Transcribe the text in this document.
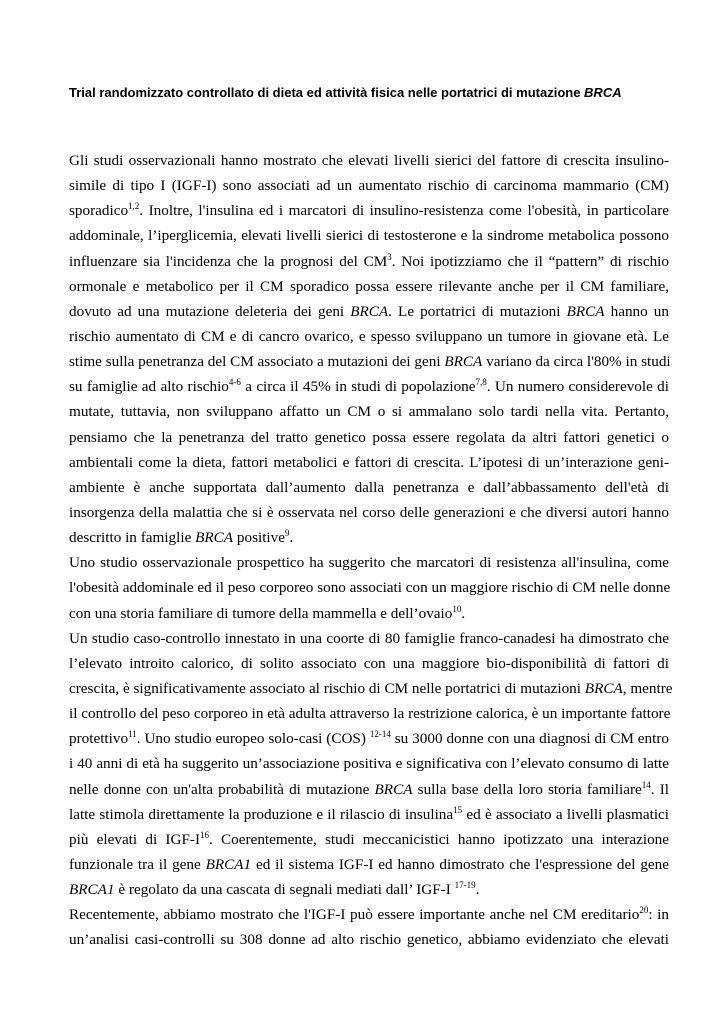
Trial randomizzato controllato di dieta ed attività fisica nelle portatrici di mutazione BRCA
Gli studi osservazionali hanno mostrato che elevati livelli sierici del fattore di crescita insulino-
simile di tipo I (IGF-I) sono associati ad un aumentato rischio di carcinoma mammario (CM)
sporadico$^{1,2}$. Inoltre, l'insulina ed i marcatori di insulino-resistenza come l'obesità, in particolare
addominale, l’iperglicemia, elevati livelli sierici di testosterone e la sindrome metabolica possono
influenzare sia l'incidenza che la prognosi del $CM^3$. Noi ipotizziamo che il “pattern” di rischio
ormonale e metabolico per il CM sporadico possa essere rilevante anche per il CM familiare,
dovuto ad una mutazione deleteria dei geni BRCA. Le portatrici di mutazioni BRCA hanno un
rischio aumentato di CM e di cancro ovarico, e spesso sviluppano un tumore in giovane età. Le
stime sulla penetranza del CM associato a mutazioni dei geni BRCA variano da circa l'80% in studi
su famiglie ad alto rischio$^{4-6}$ a circa il 45% in studi di popolazione$^{7,8}$. Un numero considerevole di
mutate, tuttavia, non sviluppano affatto un CM o si ammalano solo tardi nella vita. Pertanto,
pensiamo che la penetranza del tratto genetico possa essere regolata da altri fattori genetici o
ambientali come la dieta, fattori metabolici e fattori di crescita. L’ipotesi di un’interazione geni-
ambiente è anche supportata dall’aumento dalla penetranza e dall’abbassamento dell'età di
insorgenza della malattia che si è osservata nel corso delle generazioni e che diversi autori hanno
descritto in famiglie BRCA positive$^9$.
Uno studio osservazionale prospettico ha suggerito che marcatori di resistenza all'insulina, come
l'obesità addominale ed il peso corporeo sono associati con un maggiore rischio di CM nelle donne
con una storia familiare di tumore della mammella e dell’ovaio$^{10}$.
Un studio caso-controllo innestato in una coorte di 80 famiglie franco-canadesi ha dimostrato che
l’elevato introito calorico, di solito associato con una maggiore bio-disponibilità di fattori di
crescita, è significativamente associato al rischio di CM nelle portatrici di mutazioni BRCA, mentre
il controllo del peso corporeo in età adulta attraverso la restrizione calorica, è un importante fattore
protettivo$^{11}$. Uno studio europeo solo-casi (COS) $^{12-14}$ su 3000 donne con una diagnosi di CM entro
i 40 anni di età ha suggerito un’associazione positiva e significativa con l’elevato consumo di latte
nelle donne con un'alta probabilità di mutazione BRCA sulla base della loro storia familiare$^{14}$. Il
latte stimola direttamente la produzione e il rilascio di insulina$^{15}$ ed è associato a livelli plasmatici
più elevati di IGF-$I^{16}$. Coerentemente, studi meccanicistici hanno ipotizzato una interazione
funzionale tra il gene BRCA1 ed il sistema IGF-I ed hanno dimostrato che l'espressione del gene
BRCA1 è regolato da una cascata di segnali mediati dall’ IGF-I $^{17-19}$.
Recentemente, abbiamo mostrato che l'IGF-I può essere importante anche nel CM ereditario$^{20}$: in
un’analisi casi-controlli su 308 donne ad alto rischio genetico, abbiamo evidenziato che elevati
